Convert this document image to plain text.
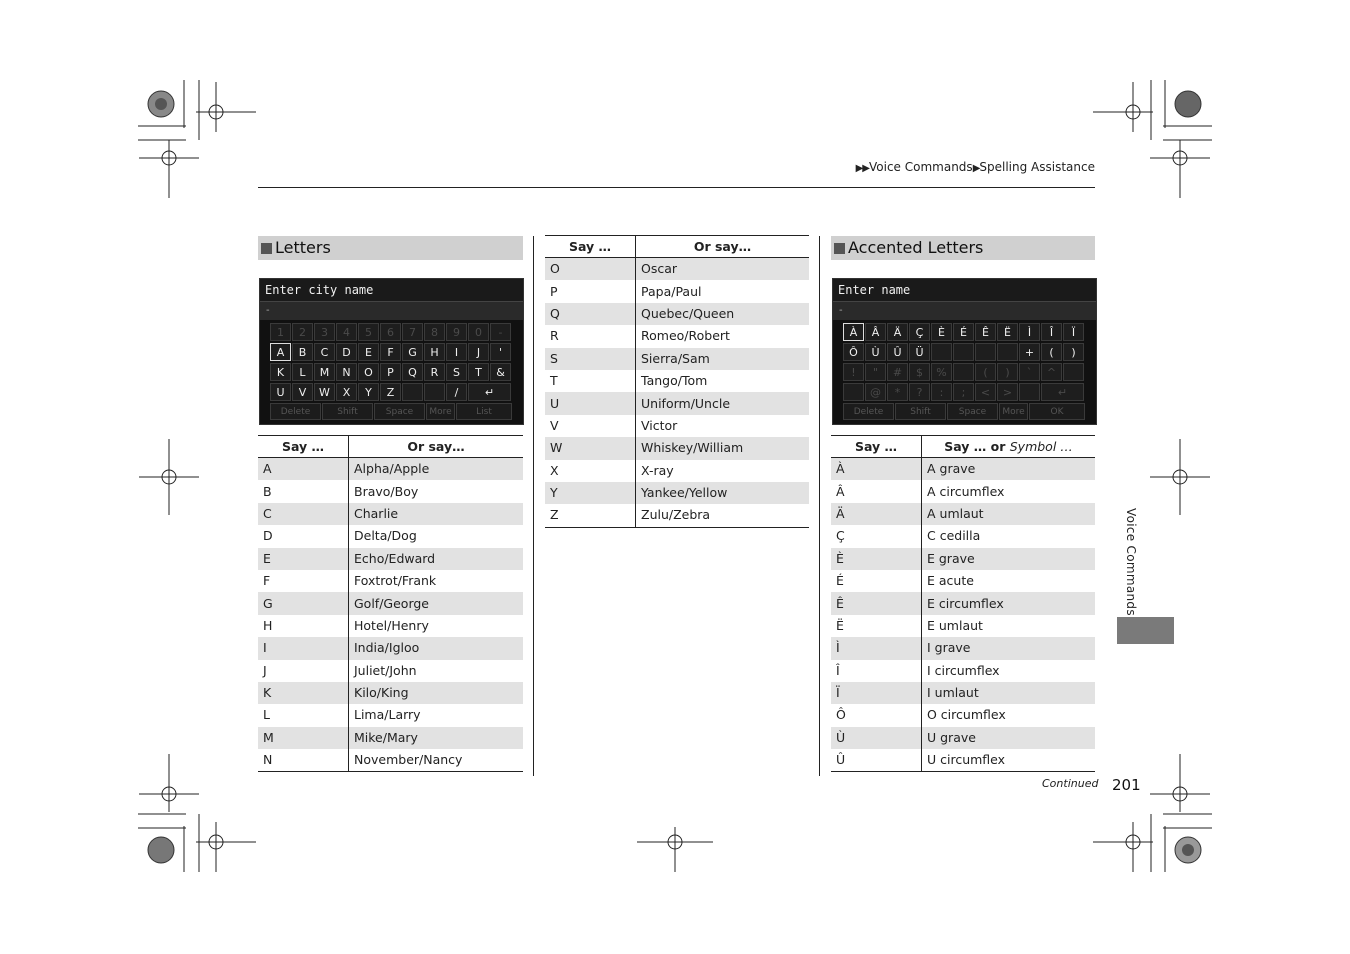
▶▶Voice Commands▶Spelling Assistance
Letters
Enter city name
-
1	2	3	4	5	6	7	8	9	0	-
A	B	C	D	E	F	G	H	I	J	'
K	L	M	N	O	P	Q	R	S	T	&
U	V	W	X	Y	Z	/	↵
Delete	Shift	Space	More	List
Say …	Or say…
A	Alpha/Apple
B	Bravo/Boy
C	Charlie
D	Delta/Dog
E	Echo/Edward
F	Foxtrot/Frank
G	Golf/George
H	Hotel/Henry
I	India/Igloo
J	Juliet/John
K	Kilo/King
L	Lima/Larry
M	Mike/Mary
N	November/Nancy
Say …	Or say…
O	Oscar
P	Papa/Paul
Q	Quebec/Queen
R	Romeo/Robert
S	Sierra/Sam
T	Tango/Tom
U	Uniform/Uncle
V	Victor
W	Whiskey/William
X	X-ray
Y	Yankee/Yellow
Z	Zulu/Zebra
Accented Letters
Enter name
-
À	Â	Ä	Ç	È	É	Ê	Ë	Ì	Î	Ï
Ô	Ù	Û	Ü	+	(	)
!	"	#	$	%	(	)	`	^
@	*	?	:	;	<	>	↵
Delete	Shift	Space	More	OK
Say …	Say … or Symbol …
À	A grave
Â	A circumflex
Ä	A umlaut
Ç	C cedilla
È	E grave
É	E acute
Ê	E circumflex
Ë	E umlaut
Ì	I grave
Î	I circumflex
Ï	I umlaut
Ô	O circumflex
Ù	U grave
Û	U circumflex
Voice Commands
Continued 201
